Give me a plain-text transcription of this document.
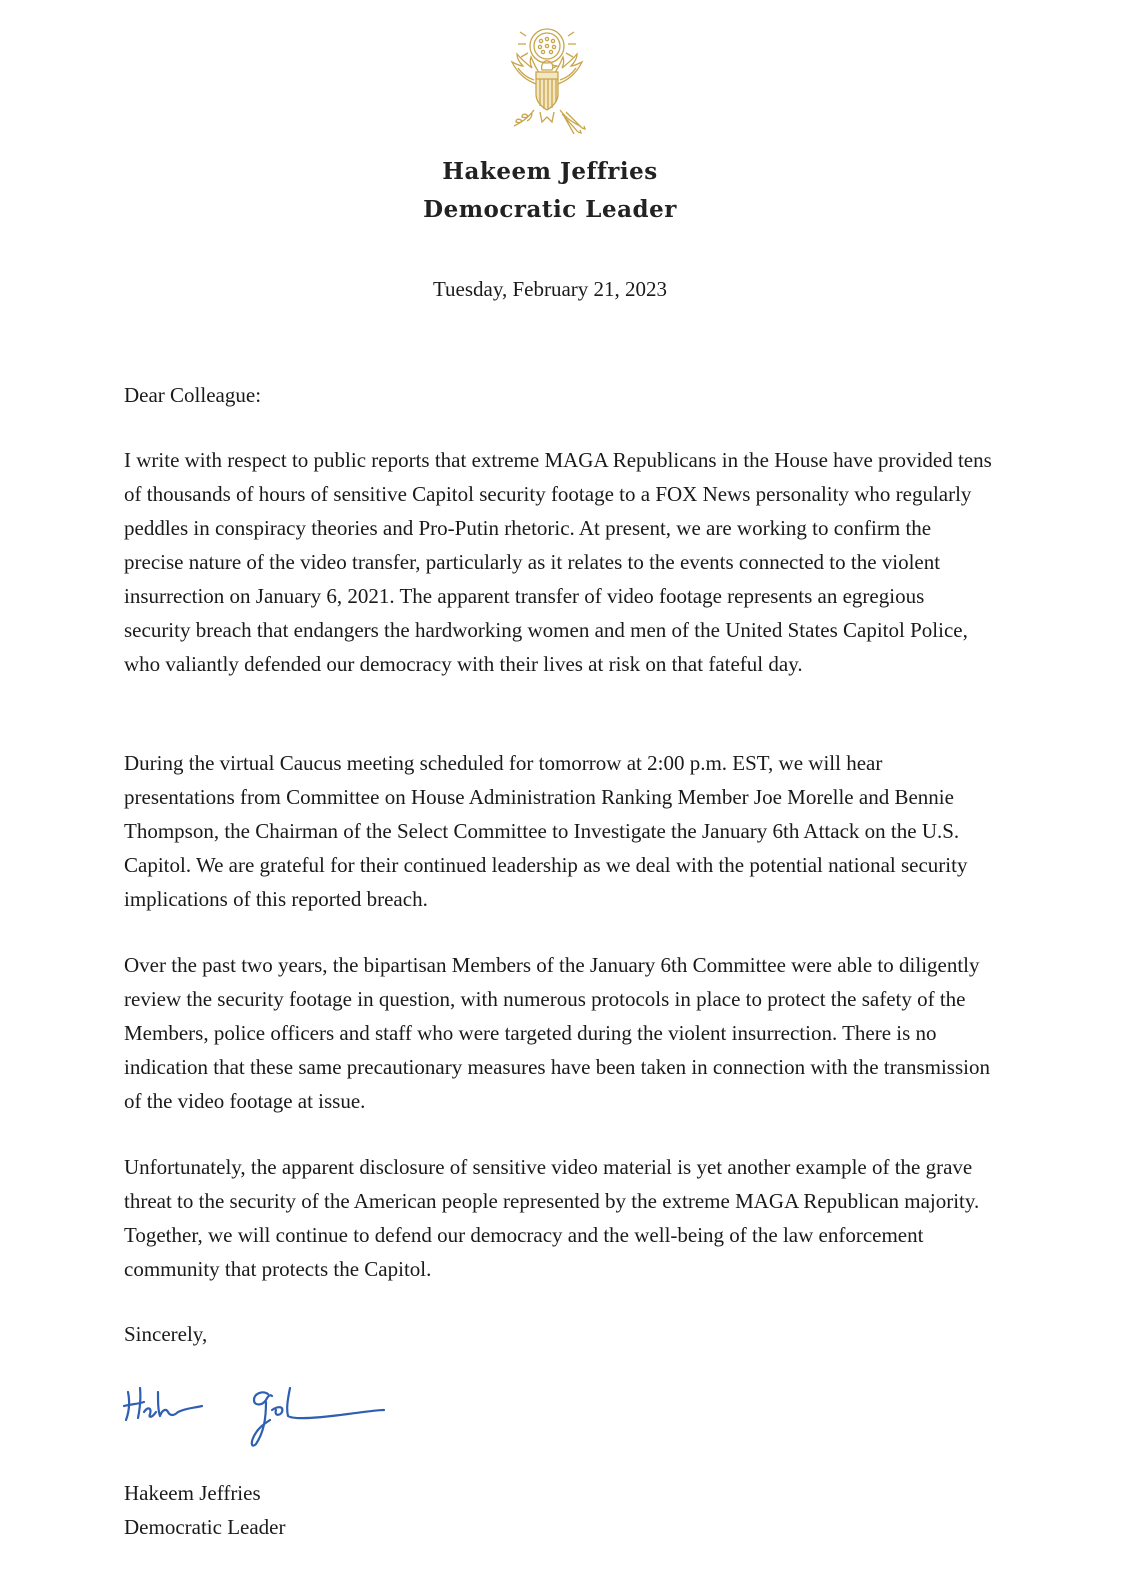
Hakeem Jeffries
Democratic Leader
Tuesday, February 21, 2023

Dear Colleague:

I write with respect to public reports that extreme MAGA Republicans in the House have provided tens of thousands of hours of sensitive Capitol security footage to a FOX News personality who regularly peddles in conspiracy theories and Pro-Putin rhetoric. At present, we are working to confirm the precise nature of the video transfer, particularly as it relates to the events connected to the violent insurrection on January 6, 2021. The apparent transfer of video footage represents an egregious security breach that endangers the hardworking women and men of the United States Capitol Police, who valiantly defended our democracy with their lives at risk on that fateful day.

During the virtual Caucus meeting scheduled for tomorrow at 2:00 p.m. EST, we will hear presentations from Committee on House Administration Ranking Member Joe Morelle and Bennie Thompson, the Chairman of the Select Committee to Investigate the January 6th Attack on the U.S. Capitol. We are grateful for their continued leadership as we deal with the potential national security implications of this reported breach.

Over the past two years, the bipartisan Members of the January 6th Committee were able to diligently review the security footage in question, with numerous protocols in place to protect the safety of the Members, police officers and staff who were targeted during the violent insurrection. There is no indication that these same precautionary measures have been taken in connection with the transmission of the video footage at issue.

Unfortunately, the apparent disclosure of sensitive video material is yet another example of the grave threat to the security of the American people represented by the extreme MAGA Republican majority. Together, we will continue to defend our democracy and the well-being of the law enforcement community that protects the Capitol.

Sincerely,

Hakeem Jeffries

Democratic Leader
